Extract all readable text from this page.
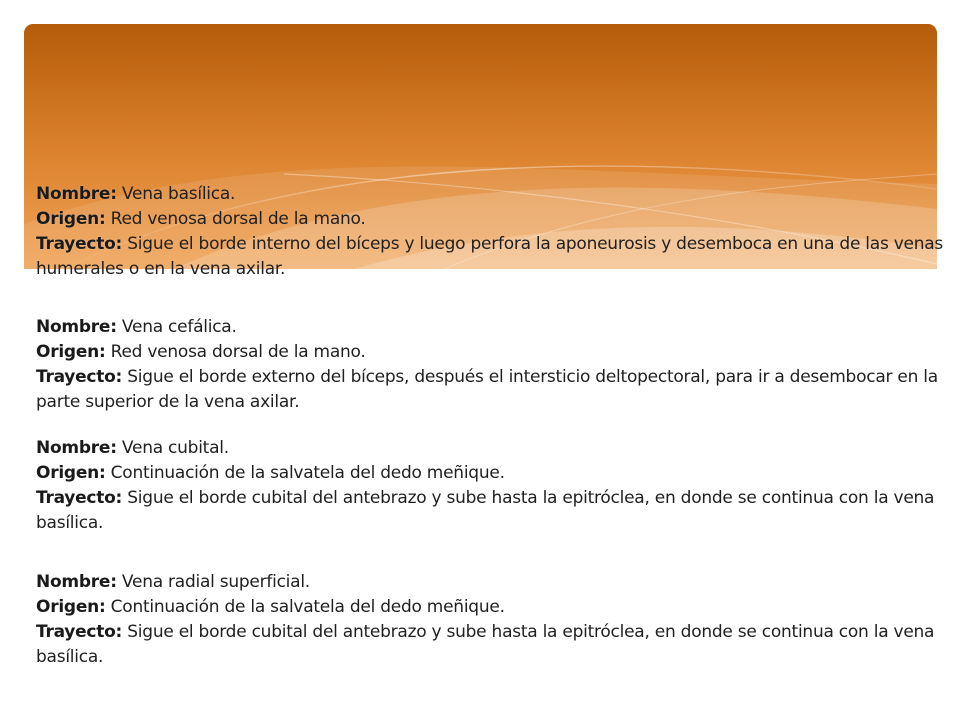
Nombre: Vena basílica.
Origen: Red venosa dorsal de la mano.
Trayecto: Sigue el borde interno del bíceps y luego perfora la aponeurosis y desemboca en una de las venas humerales o en la vena axilar.
Nombre: Vena cefálica.
Origen: Red venosa dorsal de la mano.
Trayecto: Sigue el borde externo del bíceps, después el intersticio deltopectoral, para ir a desembocar en la parte superior de la vena axilar.
Nombre: Vena cubital.
Origen: Continuación de la salvatela del dedo meñique.
Trayecto: Sigue el borde cubital del antebrazo y sube hasta la epitróclea, en donde se continua con la vena basílica.
Nombre: Vena radial superficial.
Origen: Continuación de la salvatela del dedo meñique.
Trayecto: Sigue el borde cubital del antebrazo y sube hasta la epitróclea, en donde se continua con la vena basílica.
